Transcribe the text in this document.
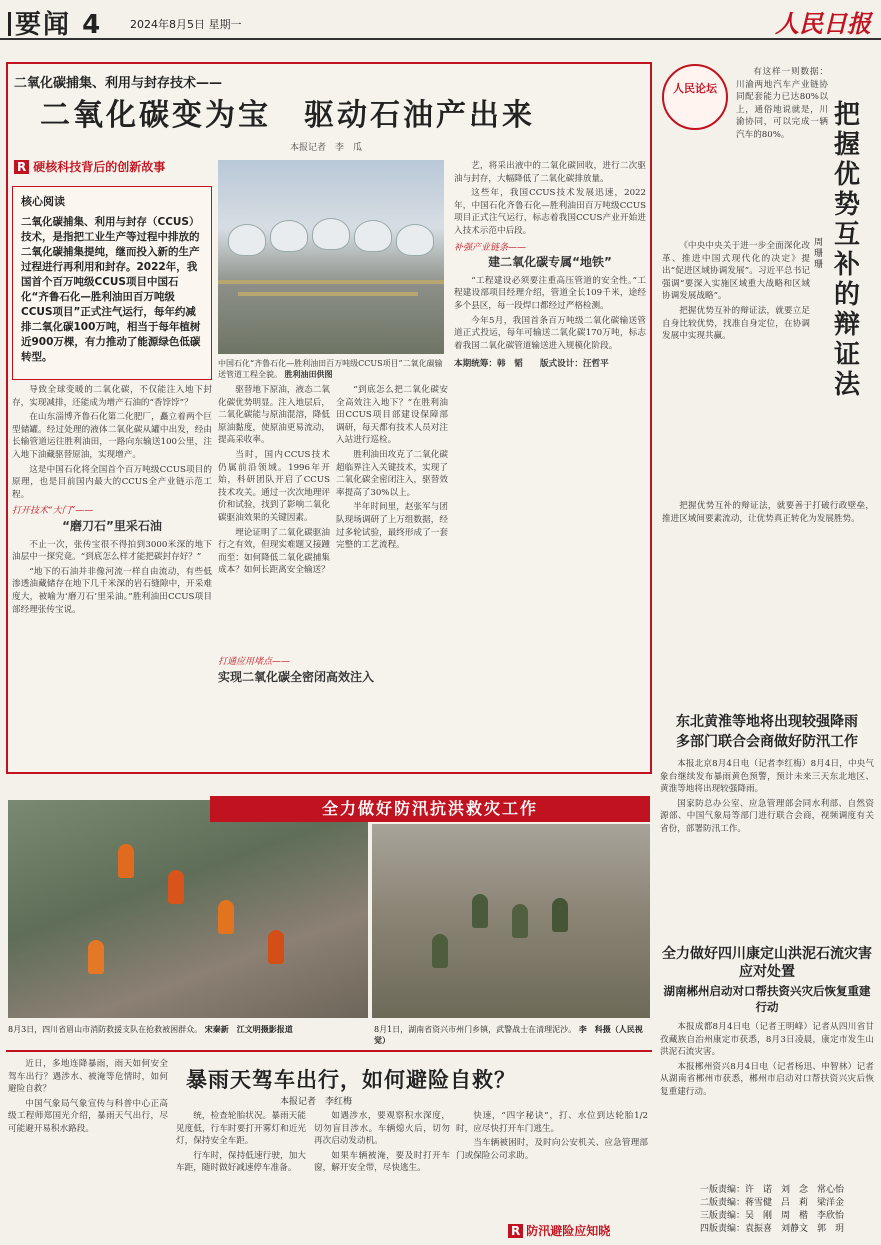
要闻 4	2024年8月5日 星期一	人民日报
二氧化碳捕集、利用与封存技术——
二氧化碳变为宝　驱动石油产出来
本报记者　李　瓜
R 硬核科技背后的创新故事
核心阅读
二氧化碳捕集、利用与封存（CCUS）技术，是指把工业生产等过程中排放的二氧化碳捕集提纯，继而投入新的生产过程进行再利用和封存。2022年，我国首个百万吨级CCUS项目中国石化“齐鲁石化—胜利油田百万吨级CCUS项目”正式注气运行，每年约减排二氧化碳100万吨，相当于每年植树近900万棵，有力推动了能源绿色低碳转型。
中国石化“齐鲁石化—胜利油田百万吨级CCUS项目”二氧化碳输送管道工程全貌。 胜利油田供图

导致全球变暖的二氧化碳，不仅能注入地下封存，实现减排，还能成为增产石油的“香饽饽”？

在山东淄博齐鲁石化第二化肥厂，矗立着两个巨型储罐。经过处理的液体二氧化碳从罐中出发，经由长输管道运往胜利油田，一路向东输送100公里，注入地下油藏驱替原油，实现增产。

这是中国石化将全国首个百万吨级CCUS项目的原理，也是目前国内最大的CCUS全产业链示范工程。

打开技术“大门”——
“磨刀石”里采石油

不止一次，张传宝很不得拍到3000米深的地下油层中一探究竟。“到底怎么样才能把碳封存好？”

“地下的石油并非像河流一样自由流动，有些低渗透油藏储存在地下几千米深的岩石缝隙中，开采难度大，被喻为‘磨刀石’里采油。”胜利油田CCUS项目部经理张传宝说。

驱替地下原油，液态二氧化碳优势明显。注入地层后，二氧化碳能与原油混溶，降低原油黏度，使原油更易流动，提高采收率。

当时，国内CCUS技术仍属前沿领域。1996年开始，科研团队开启了CCUS技术攻关。通过一次次地理评价和试验，找到了影响二氧化碳驱油效果的关键因素。

埋论证明了二氧化碳驱油行之有效，但现实难题又接踵而至：如何降低二氧化碳捕集成本？如何长距离安全输送？

打通应用堵点——
实现二氧化碳全密闭高效注入

“到底怎么把二氧化碳安全高效注入地下？”在胜利油田CCUS项目部建设保障部调研，每天都有技术人员对注入站进行巡检。

胜利油田攻克了二氧化碳超临界注入关键技术，实现了二氧化碳全密闭注入，驱替效率提高了30%以上。

半年时间里，赵张军与团队现场调研了上万组数据，经过多轮试验，最终形成了一套完整的工艺流程。

艺，将采出液中的二氧化碳回收，进行二次驱油与封存，大幅降低了二氧化碳排放量。

这些年，我国CCUS技术发展迅速，2022年，中国石化齐鲁石化—胜利油田百万吨级CCUS项目正式注气运行，标志着我国CCUS产业开始进入技术示范中后段。

补强产业链条——
建二氧化碳专属“地铁”

“工程建设必须要注重高压管道的安全性。”工程建设部项目经理介绍，管道全长109千米，途经多个县区，每一段焊口都经过严格检测。

今年5月，我国首条百万吨级二氧化碳输送管道正式投运，每年可输送二氧化碳170万吨，标志着我国二氧化碳管道输送进入规模化阶段。

本期统筹：韩　韬　　版式设计：汪哲平

人民论坛
把握优势互补的辩证法
周珊珊

有这样一则数据：川渝两地汽车产业链协同配套能力已达80%以上，通俗地说就是，川渝协同，可以完成一辆汽车的80%。

《中央中央关于进一步全面深化改革、推进中国式现代化的决定》提出“促进区域协调发展”。习近平总书记强调“要深入实施区域重大战略和区域协调发展战略”。

把握优势互补的辩证法，就要立足自身比较优势，找准自身定位，在协调发展中实现共赢。

把握优势互补的辩证法，就要善于打破行政壁垒，推进区域间要素流动，让优势真正转化为发展胜势。

东北黄淮等地将出现较强降雨
多部门联合会商做好防汛工作

本报北京8月4日电（记者李红梅）8月4日，中央气象台继续发布暴雨黄色预警，预计未来三天东北地区、黄淮等地将出现较强降雨。

国家防总办公室、应急管理部会同水利部、自然资源部、中国气象局等部门进行联合会商，视频调度有关省份，部署防汛工作。

全力做好防汛抗洪救灾工作
8月3日，四川省眉山市消防救援支队在抢救被困群众。 宋秦新　江文明摄影报道	8月1日，湖南省资兴市州门乡镇，武警战士在清理泥沙。 李　科摄（人民视觉）
全力做好四川康定山洪泥石流灾害应对处置
湖南郴州启动对口帮扶资兴灾后恢复重建行动

本报成都8月4日电（记者王明峰）记者从四川省甘孜藏族自治州康定市获悉，8月3日凌晨，康定市发生山洪泥石流灾害。

本报郴州资兴8月4日电（记者杨迅、申智林）记者从湖南省郴州市获悉，郴州市启动对口帮扶资兴灾后恢复重建行动。

暴雨天驾车出行，如何避险自救？
本报记者　李红梅

近日，多地连降暴雨，雨天如何安全驾车出行？遇涉水、被淹等危情时，如何避险自救？

中国气象局气象宣传与科普中心正高级工程师郑国光介绍，暴雨天气出行，尽可能避开易积水路段。

统，检查轮胎状况。暴雨天能见度低，行车时要打开雾灯和近光灯，保持安全车距。

行车时，保持低速行驶，加大车距，随时做好减速停车准备。

如遇涉水，要观察积水深度，切勿盲目涉水。车辆熄火后，切勿再次启动发动机。

如果车辆被淹，要及时打开车窗，解开安全带，尽快逃生。

快速，“四字秘诀”，打、水位到达轮胎1/2时，应尽快打开车门逃生。

当车辆被困时，及时向公安机关、应急管理部门或保险公司求助。

R 防汛避险应知晓
一版责编：许　诺　刘　念　常心怡
二版责编：蒋雪健　吕　莉　梁洋金
三版责编：吴　刚　周　楷　李欣怡
四版责编：袁振喜　刘静文　郭　玥
